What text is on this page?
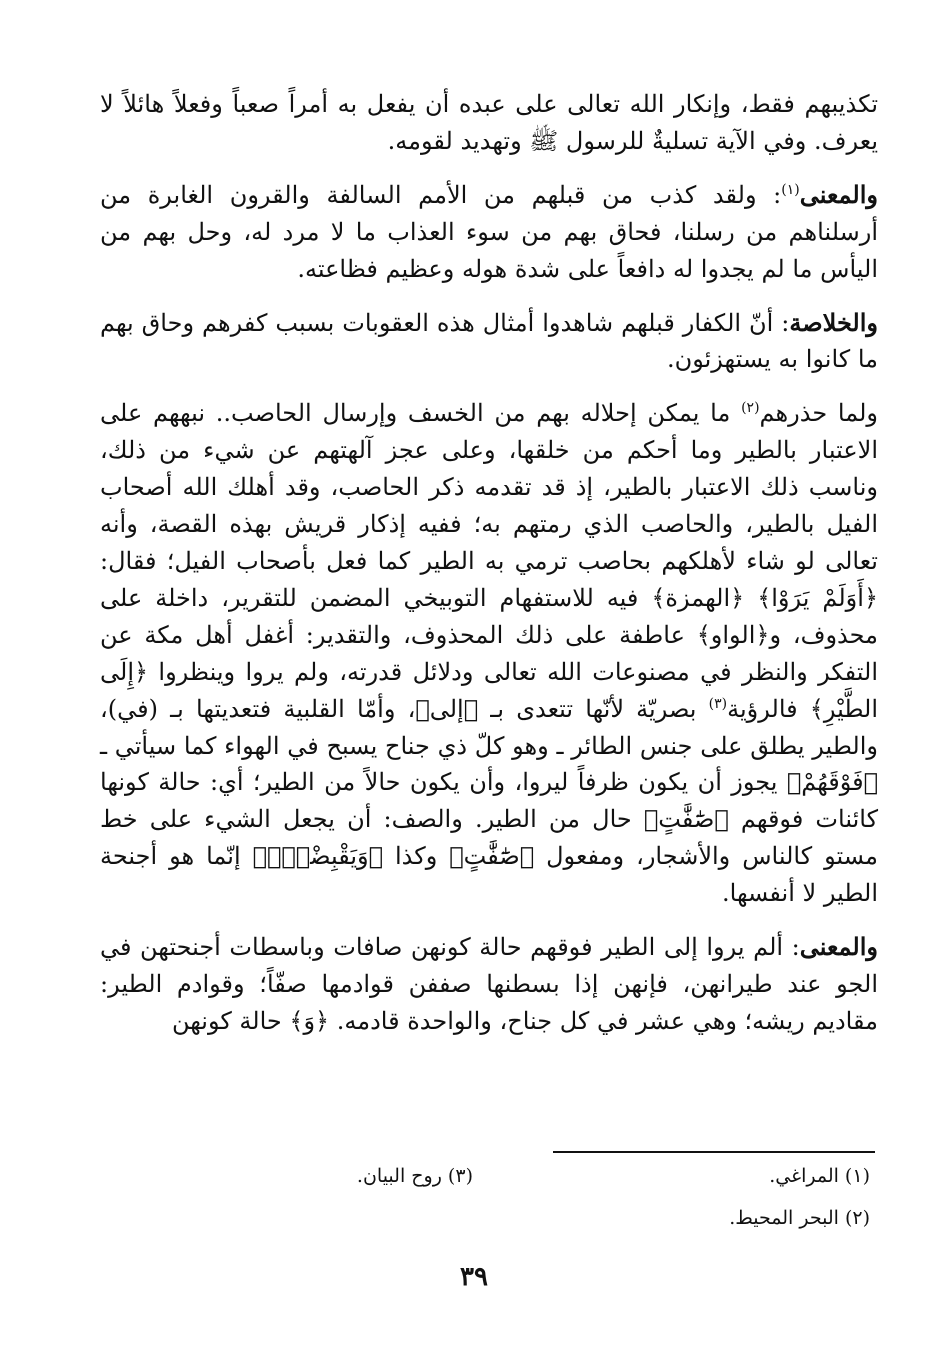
تكذيبهم فقط، وإنكار الله تعالى على عبده أن يفعل به أمراً صعباً وفعلاً هائلاً لا يعرف. وفي الآية تسليةٌ للرسول ﷺ وتهديد لقومه.

والمعنى$^{(١)}$: ولقد كذب من قبلهم من الأمم السالفة والقرون الغابرة من أرسلناهم من رسلنا، فحاق بهم من سوء العذاب ما لا مرد له، وحل بهم من اليأس ما لم يجدوا له دافعاً على شدة هوله وعظيم فظاعته.

والخلاصة: أنّ الكفار قبلهم شاهدوا أمثال هذه العقوبات بسبب كفرهم وحاق بهم ما كانوا به يستهزئون.

ولما حذرهم$^{(٢)}$ ما يمكن إحلاله بهم من الخسف وإرسال الحاصب.. نبههم على الاعتبار بالطير وما أحكم من خلقها، وعلى عجز آلهتهم عن شيء من ذلك، وناسب ذلك الاعتبار بالطير، إذ قد تقدمه ذكر الحاصب، وقد أهلك الله أصحاب الفيل بالطير، والحاصب الذي رمتهم به؛ ففيه إذكار قريش بهذه القصة، وأنه تعالى لو شاء لأهلكهم بحاصب ترمي به الطير كما فعل بأصحاب الفيل؛ فقال: ﴿أَوَلَمْ يَرَوْا﴾ ﴿الهمزة﴾ فيه للاستفهام التوبيخي المضمن للتقرير، داخلة على محذوف، و﴿الواو﴾ عاطفة على ذلك المحذوف، والتقدير: أغفل أهل مكة عن التفكر والنظر في مصنوعات الله تعالى ودلائل قدرته، ولم يروا وينظروا ﴿إِلَى الطَّيْرِ﴾ فالرؤية$^{(٣)}$ بصريّة لأنّها تتعدى بـ ﴿إلى﴾، وأمّا القلبية فتعديتها بـ (في)، والطير يطلق على جنس الطائر ـ وهو كلّ ذي جناح يسبح في الهواء كما سيأتي ـ ﴿فَوْقَهُمْ﴾ يجوز أن يكون ظرفاً ليروا، وأن يكون حالاً من الطير؛ أي: حالة كونها كائنات فوقهم ﴿صَٰٓفَّٰتٍ﴾ حال من الطير. والصف: أن يجعل الشيء على خط مستو كالناس والأشجار، ومفعول ﴿صَٰٓفَّٰتٍ﴾ وكذا ﴿وَيَقْبِضْنَۚ﴾ إنّما هو أجنحة الطير لا أنفسها.

والمعنى: ألم يروا إلى الطير فوقهم حالة كونهن صافات وباسطات أجنحتهن في الجو عند طيرانهن، فإنهن إذا بسطنها صففن قوادمها صفّاً؛ وقوادم الطير: مقاديم ريشه؛ وهي عشر في كل جناح، والواحدة قادمه. ﴿وَ﴾ حالة كونهن

(١) المراغي.

(٣) روح البيان.

(٢) البحر المحيط.

٣٩
